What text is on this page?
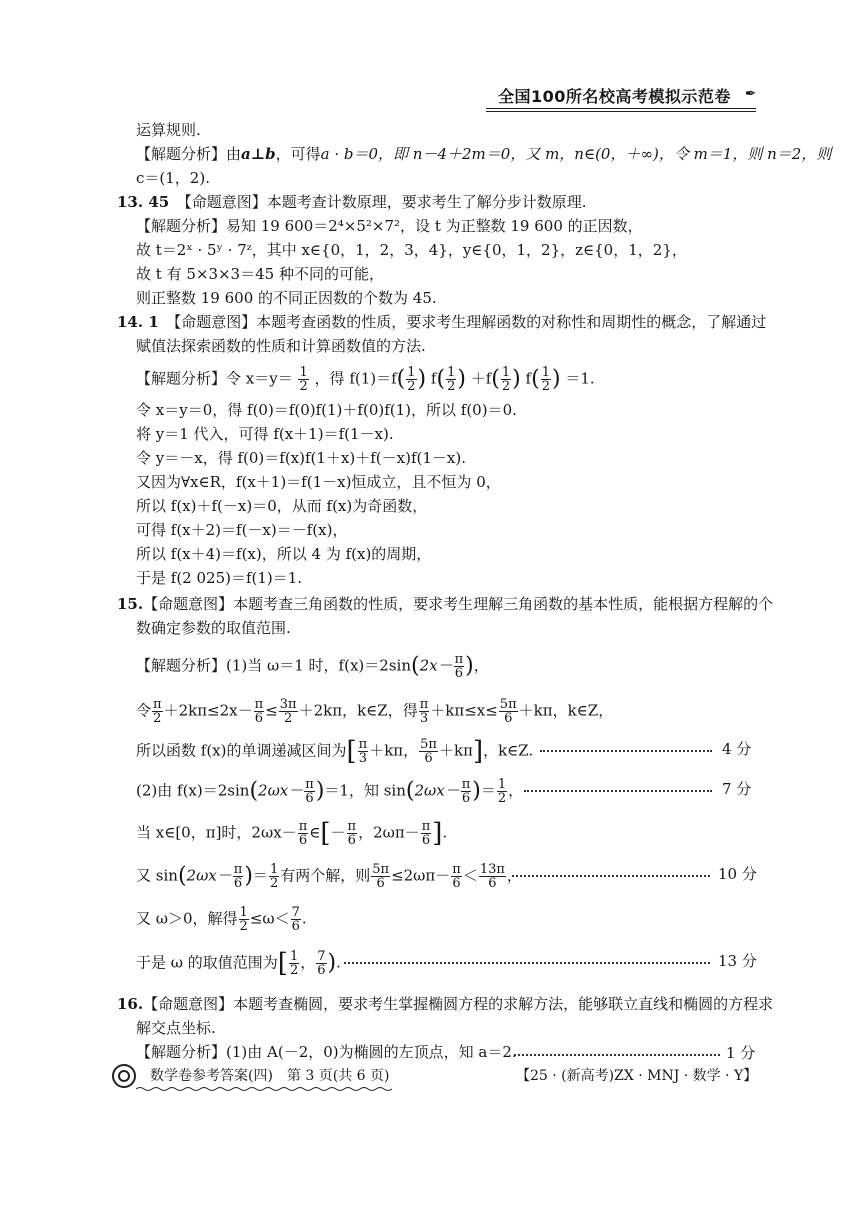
全国100所名校高考模拟示范卷 ✒
运算规则.
【解题分析】由a⊥b，可得a · b＝0，即 n－4＋2m＝0，又 m，n∈(0，＋∞)，令 m＝1，则 n＝2，则
c＝(1，2).
13. 45　 【命题意图】本题考查计数原理，要求考生了解分步计数原理.
【解题分析】易知 19 600＝2⁴×5²×7²，设 t 为正整数 19 600 的正因数，
故 t＝2ˣ · 5ʸ · 7ᶻ，其中 x∈{0，1，2，3，4}，y∈{0，1，2}，z∈{0，1，2}，
故 t 有 5×3×3＝45 种不同的可能，
则正整数 19 600 的不同正因数的个数为 45.
14. 1　 【命题意图】本题考查函数的性质，要求考生理解函数的对称性和周期性的概念，了解通过
赋值法探索函数的性质和计算函数值的方法.
【解题分析】令 $x=y= \frac{1}{2}$ ，得 $f(1)=f( \frac{1}{2}$ ) $f( \frac{1}{2}$ ) $+f( \frac{1}{2}$ ) $f( \frac{1}{2}$ ) ＝1.
令 x＝y＝0，得 f(0)＝f(0)f(1)＋f(0)f(1)，所以 f(0)＝0.
将 y＝1 代入，可得 f(x＋1)＝f(1－x).
令 y＝－x，得 f(0)＝f(x)f(1＋x)＋f(－x)f(1－x).
又因为∀x∈R，f(x＋1)＝f(1－x)恒成立，且不恒为 0，
所以 f(x)＋f(－x)＝0，从而 f(x)为奇函数，
可得 f(x＋2)＝f(－x)＝－f(x)，
所以 f(x＋4)＝f(x)，所以 4 为 f(x)的周期，
于是 f(2 025)＝f(1)＝1.
15.【命题意图】本题考查三角函数的性质，要求考生理解三角函数的基本性质，能根据方程解的个
数确定参数的取值范围.
【解题分析】(1)当 ω＝1 时，$f(x)=2\sin(2x- \frac{\pi}{6}$ )，
令 $\frac{\pi}{2} +2k\pi\le 2x- \frac{\pi}{6} \le \frac{3\pi}{2} +2k\pi$，k∈Z，得 $\frac{\pi}{3} +k\pi\le x\le \frac{5\pi}{6} +k\pi$，k∈Z，
所以函数 f(x)的单调递减区间为[ $\frac{\pi}{3} +k\pi$， $\frac{5\pi}{6} +k\pi$]，k∈Z.	4 分
(2)由 $f(x)=2\sin(2\omega x- \frac{\pi}{6} )=1$，知 $\sin(2\omega x- \frac{\pi}{6}$ )＝ $\frac{1}{2}$ ，	7 分
当 x∈[0，π]时，$2\omega x- \frac{\pi}{6}$ ∈[－ $\frac{\pi}{6}$ ，$2\omega\pi- \frac{\pi}{6}$ ].
又 $\sin(2\omega x- \frac{\pi}{6}$ )＝ $\frac{1}{2}$ 有两个解，则 $\frac{5\pi}{6} \le 2\omega\pi- \frac{\pi}{6} < \frac{13\pi}{6}$ ，	10 分
又 ω＞0，解得 $\frac{1}{2} \le\omega< \frac{7}{6}$ .
于是 ω 的取值范围为[ $\frac{1}{2}$ ， $\frac{7}{6}$ ).	13 分
16.【命题意图】本题考查椭圆，要求考生掌握椭圆方程的求解方法，能够联立直线和椭圆的方程求
解交点坐标.
【解题分析】(1)由 A(－2，0)为椭圆的左顶点，知 a＝2.	1 分
数学卷参考答案(四)　第 3 页(共 6 页)	【25 · (新高考)ZX · MNJ · 数学 · Y】
